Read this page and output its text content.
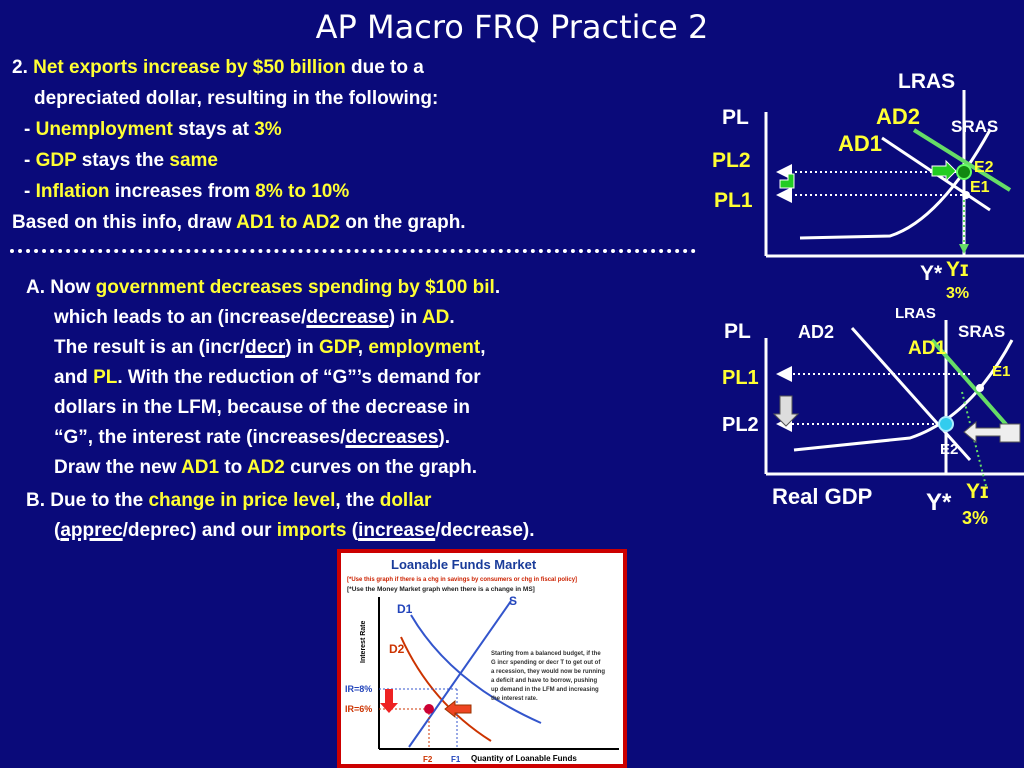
AP Macro FRQ Practice 2
2. Net exports increase by $50 billion due to a
depreciated dollar, resulting in the following:
- Unemployment stays at 3%
- GDP stays the same
- Inflation increases from 8% to 10%
Based on this info, draw AD1 to AD2 on the graph.
A. Now government decreases spending by $100 bil.
which leads to an (increase/decrease) in AD.
The result is an (incr/decr) in GDP, employment,
and PL. With the reduction of “G”’s demand for
dollars in the LFM, because of the decrease in
“G”, the interest rate (increases/decreases).
Draw the new AD1 to AD2 curves on the graph.
B. Due to the change in price level, the dollar
(apprec/deprec) and our imports (increase/decrease).
LRAS
PL	AD2
AD1
SRAS
PL2
PL1
E2
E1
Y* Yɪ
3%
LRAS
PL	AD2
AD1
SRAS
PL1
PL2
E1
E2
Real GDP Y* Yɪ
3%
Loanable Funds Market
[*Use this graph if there is a chg in savings by consumers or chg in fiscal policy]
[*Use the Money Market graph when there is a change in MS]
Interest Rate
Quantity of Loanable Funds
D1
D2
S
IR=8%
IR=6%
F2 F1
Starting from a balanced budget, if the
G incr spending or decr T to get out of
a recession, they would now be running
a deficit and have to borrow, pushing
up demand in the LFM and increasing
the interest rate.
